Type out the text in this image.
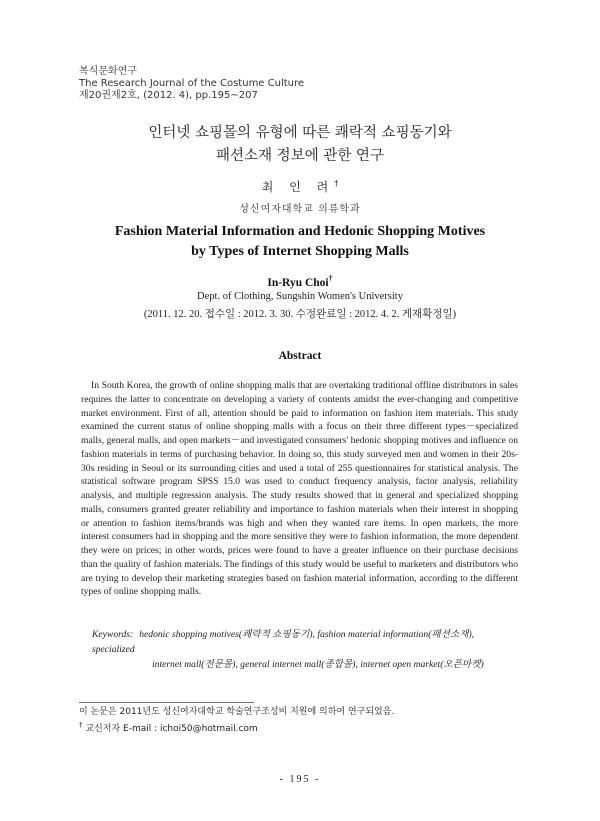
복식문화연구
The Research Journal of the Costume Culture
제20권제2호, (2012. 4), pp.195∼207
인터넷 쇼핑몰의 유형에 따른 쾌락적 쇼핑동기와
패션소재 정보에 관한 연구
최 인 려†
성신여자대학교 의류학과
Fashion Material Information and Hedonic Shopping Motives
by Types of Internet Shopping Malls
In-Ryu Choi†
Dept. of Clothing, Sungshin Women's University
(2011. 12. 20. 접수일 : 2012. 3. 30. 수정완료일 : 2012. 4. 2. 게재확정일)
Abstract

In South Korea, the growth of online shopping malls that are overtaking traditional offline distributors in sales requires the latter to concentrate on developing a variety of contents amidst the ever-changing and competitive market environment. First of all, attention should be paid to information on fashion item materials. This study examined the current status of online shopping malls with a focus on their three different types－specialized malls, general malls, and open markets－and investigated consumers' hedonic shopping motives and influence on fashion materials in terms of purchasing behavior. In doing so, this study surveyed men and women in their 20s-30s residing in Seoul or its surrounding cities and used a total of 255 questionnaires for statistical analysis. The statistical software program SPSS 15.0 was used to conduct frequency analysis, factor analysis, reliability analysis, and multiple regression analysis. The study results showed that in general and specialized shopping malls, consumers granted greater reliability and importance to fashion materials when their interest in shopping or attention to fashion items/brands was high and when they wanted rare items. In open markets, the more interest consumers had in shopping and the more sensitive they were to fashion information, the more dependent they were on prices; in other words, prices were found to have a greater influence on their purchase decisions than the quality of fashion materials. The findings of this study would be useful to marketers and distributors who are trying to develop their marketing strategies based on fashion material information, according to the different types of online shopping malls.

Keywords: hedonic shopping motives(쾌락적 쇼핑동기), fashion material information(패션소재), specialized
internet mall(전문몰), general internet mall(종합몰), internet open market(오픈마켓)
이 논문은 2011년도 성신여자대학교 학술연구조성비 지원에 의하여 연구되었음.
† 교신저자 E-mail : ichoi50@hotmail.com
- 195 -
